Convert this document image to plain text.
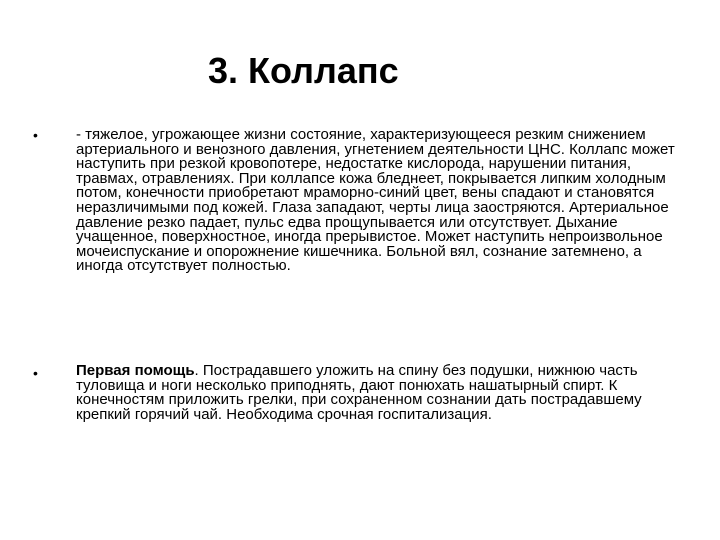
3. Коллапс
•	- тяжелое, угрожающее жизни состояние, характеризующееся резким снижением артериального и венозного давления, угнетением деятельности ЦНС. Коллапс может наступить при резкой кровопотере, недостатке кислорода, нарушении питания, травмах, отравлениях. При коллапсе кожа бледнеет, покрывается липким холодным потом, конечности приобретают мраморно-синий цвет, вены спадают и становятся неразличимыми под кожей. Глаза западают, черты лица заостряются. Артериальное давление резко падает, пульс едва прощупывается или отсутствует. Дыхание учащенное, поверхностное, иногда прерывистое. Может наступить непроизвольное мочеиспускание и опорожнение кишечника. Больной вял, сознание затемнено, а иногда отсутствует полностью.
•	Первая помощь. Пострадавшего уложить на спину без подушки, нижнюю часть туловища и ноги несколько приподнять, дают понюхать нашатырный спирт. К конечностям приложить грелки, при сохраненном сознании дать пострадавшему крепкий горячий чай. Необходима срочная госпитализация.
